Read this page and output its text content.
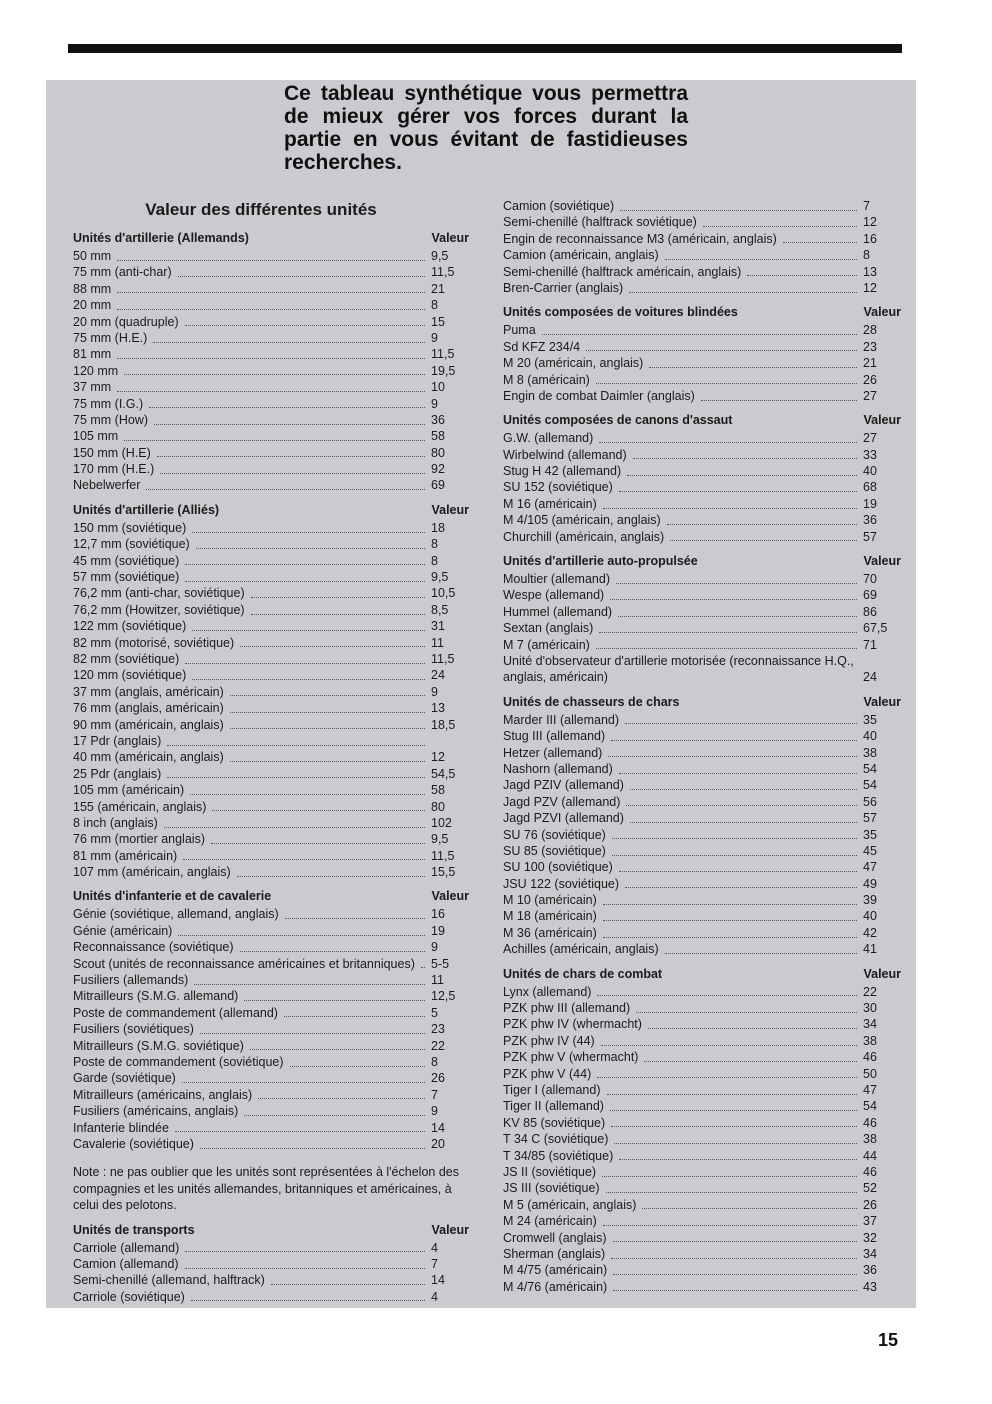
Ce tableau synthétique vous permettra de mieux gérer vos forces durant la partie en vous évitant de fastidieuses recherches.
Valeur des différentes unités
Unités d'artillerie (Allemands)	Valeur
50 mm	9,5
75 mm (anti-char)	11,5
88 mm	21
20 mm	8
20 mm (quadruple)	15
75 mm (H.E.)	9
81 mm	11,5
120 mm	19,5
37 mm	10
75 mm (I.G.)	9
75 mm (How)	36
105 mm	58
150 mm (H.E)	80
170 mm (H.E.)	92
Nebelwerfer	69
Unités d'artillerie (Alliés)	Valeur
150 mm (soviétique)	18
12,7 mm (soviétique)	8
45 mm (soviétique)	8
57 mm (soviétique)	9,5
76,2 mm (anti-char, soviétique)	10,5
76,2 mm (Howitzer, soviétique)	8,5
122 mm (soviétique)	31
82 mm (motorisé, soviétique)	11
82 mm (soviétique)	11,5
120 mm (soviétique)	24
37 mm (anglais, américain)	9
76 mm (anglais, américain)	13
90 mm (américain, anglais)	18,5
17 Pdr (anglais)
40 mm (américain, anglais)	12
25 Pdr (anglais)	54,5
105 mm (américain)	58
155 (américain, anglais)	80
8 inch (anglais)	102
76 mm (mortier anglais)	9,5
81 mm (américain)	11,5
107 mm (américain, anglais)	15,5
Unités d'infanterie et de cavalerie	Valeur
Génie (soviétique, allemand, anglais)	16
Génie (américain)	19
Reconnaissance (soviétique)	9
Scout (unités de reconnaissance américaines et britanniques) 5-5
Fusiliers (allemands)	11
Mitrailleurs (S.M.G. allemand)	12,5
Poste de commandement (allemand)	5
Fusiliers (soviétiques)	23
Mitrailleurs (S.M.G. soviétique)	22
Poste de commandement (soviétique)	8
Garde (soviétique)	26
Mitrailleurs (américains, anglais)	7
Fusiliers (américains, anglais)	9
Infanterie blindée	14
Cavalerie (soviétique)	20
Note : ne pas oublier que les unités sont représentées à l'échelon des compagnies et les unités allemandes, britanniques et américaines, à celui des pelotons.
Unités de transports	Valeur
Carriole (allemand)	4
Camion (allemand)	7
Semi-chenillé (allemand, halftrack)	14
Carriole (soviétique)	4
Camion (soviétique)	7
Semi-chenillé (halftrack soviétique)	12
Engin de reconnaissance M3 (américain, anglais)	16
Camion (américain, anglais)	8
Semi-chenillé (halftrack américain, anglais)	13
Bren-Carrier (anglais)	12
Unités composées de voitures blindées	Valeur
Puma	28
Sd KFZ 234/4	23
M 20 (américain, anglais)	21
M 8 (américain)	26
Engin de combat Daimler (anglais)	27
Unités composées de canons d'assaut	Valeur
G.W. (allemand)	27
Wirbelwind (allemand)	33
Stug H 42 (allemand)	40
SU 152 (soviétique)	68
M 16 (américain)	19
M 4/105 (américain, anglais)	36
Churchill (américain, anglais)	57
Unités d'artillerie auto-propulsée	Valeur
Moultier (allemand)	70
Wespe (allemand)	69
Hummel (allemand)	86
Sextan (anglais)	67,5
M 7 (américain)	71
Unité d'observateur d'artillerie motorisée (reconnaissance H.Q., anglais, américain)	24
Unités de chasseurs de chars	Valeur
Marder III (allemand)	35
Stug III (allemand)	40
Hetzer (allemand)	38
Nashorn (allemand)	54
Jagd PZIV (allemand)	54
Jagd PZV (allemand)	56
Jagd PZVI (allemand)	57
SU 76 (soviétique)	35
SU 85 (soviétique)	45
SU 100 (soviétique)	47
JSU 122 (soviétique)	49
M 10 (américain)	39
M 18 (américain)	40
M 36 (américain)	42
Achilles (américain, anglais)	41
Unités de chars de combat	Valeur
Lynx (allemand)	22
PZK phw III (allemand)	30
PZK phw IV (whermacht)	34
PZK phw IV (44)	38
PZK phw V (whermacht)	46
PZK phw V (44)	50
Tiger I (allemand)	47
Tiger II (allemand)	54
KV 85 (soviétique)	46
T 34 C (soviétique)	38
T 34/85 (soviétique)	44
JS II (soviétique)	46
JS III (soviétique)	52
M 5 (américain, anglais)	26
M 24 (américain)	37
Cromwell (anglais)	32
Sherman (anglais)	34
M 4/75 (américain)	36
M 4/76 (américain)	43
15
